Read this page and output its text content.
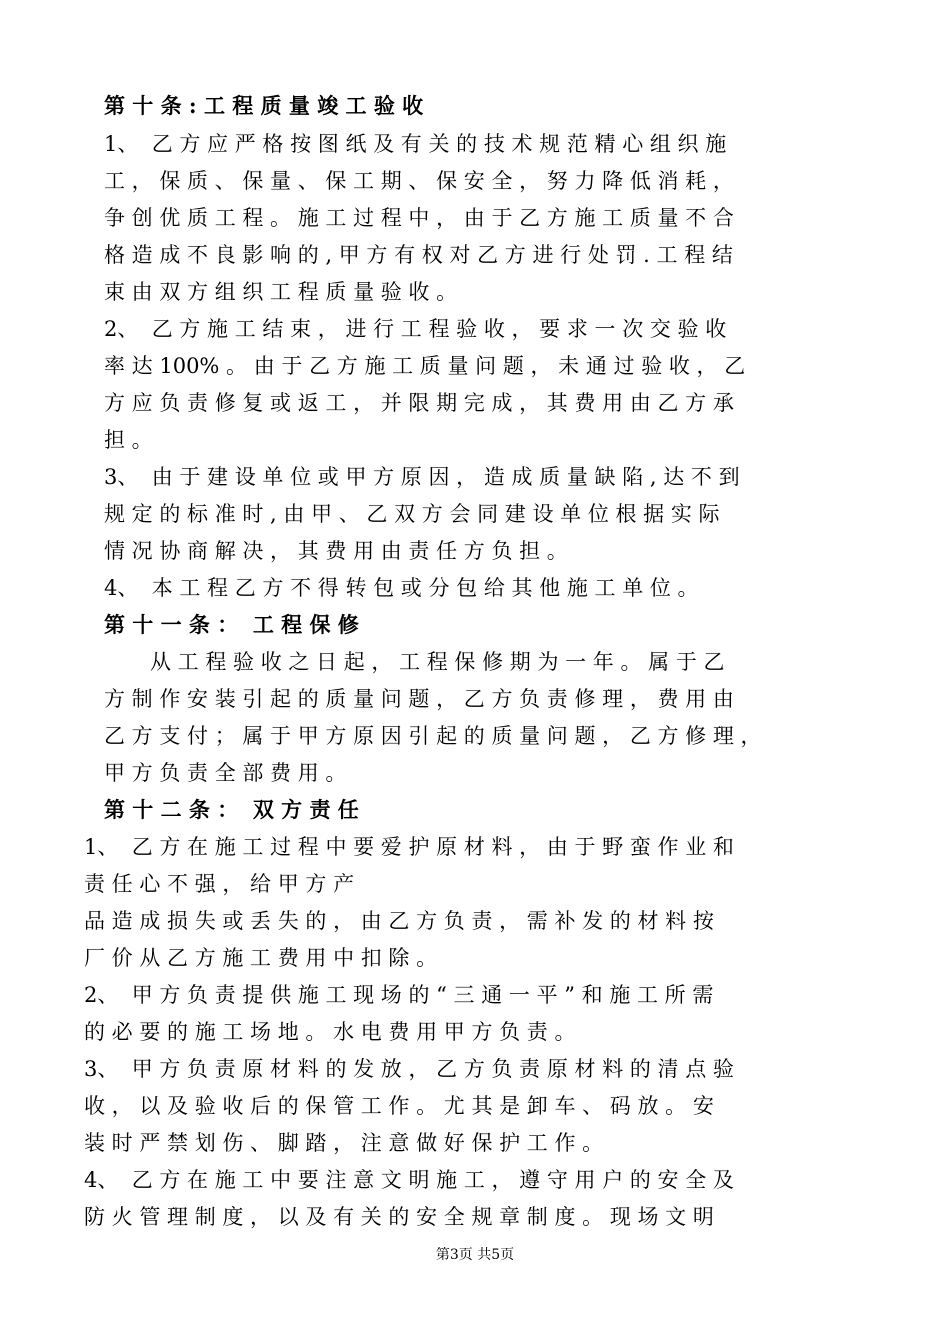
第 十 条 : 工 程 质 量 竣 工 验 收
1、  乙 方 应 严 格 按 图 纸 及 有 关 的 技 术 规 范 精 心 组 织 施
工 ， 保 质 、 保 量 、 保 工 期 、 保 安 全 ， 努 力 降 低 消 耗 ，
争 创 优 质 工 程 。 施 工 过 程 中 ， 由 于 乙 方 施 工 质 量 不 合
格 造 成 不 良 影 响 的 , 甲 方 有 权 对 乙 方 进 行 处 罚 . 工 程 结
束 由 双 方 组 织 工 程 质 量 验 收 。
2、  乙 方 施 工 结 束 ， 进 行 工 程 验 收 ， 要 求 一 次 交 验 收
率 达 100% 。 由 于 乙 方 施 工 质 量 问 题 ， 未 通 过 验 收 ， 乙
方 应 负 责 修 复 或 返 工 ， 并 限 期 完 成 ， 其 费 用 由 乙 方 承
担 。
3、  由 于 建 设 单 位 或 甲 方 原 因 ， 造 成 质 量 缺 陷 , 达 不 到
规 定 的 标 准 时 , 由 甲 、 乙 双 方 会 同 建 设 单 位 根 据 实 际
情 况 协 商 解 决 ， 其 费 用 由 责 任 方 负 担 。
4、  本 工 程 乙 方 不 得 转 包 或 分 包 给 其 他 施 工 单 位 。
第 十 一 条 ：  工 程 保 修
从 工 程 验 收 之 日 起 ， 工 程 保 修 期 为 一 年 。 属 于 乙
方 制 作 安 装 引 起 的 质 量 问 题 ， 乙 方 负 责 修 理 ， 费 用 由
乙 方 支 付 ； 属 于 甲 方 原 因 引 起 的 质 量 问 题 ， 乙 方 修 理 ，
甲 方 负 责 全 部 费 用 。
第 十 二 条 ：  双 方 责 任
1、  乙 方 在 施 工 过 程 中 要 爱 护 原 材 料 ， 由 于 野 蛮 作 业 和
责 任 心 不 强 ， 给 甲 方 产
品 造 成 损 失 或 丢 失 的 ， 由 乙 方 负 责 ， 需 补 发 的 材 料 按
厂 价 从 乙 方 施 工 费 用 中 扣 除 。
2、  甲 方 负 责 提 供 施 工 现 场 的 “ 三 通 一 平 ” 和 施 工 所 需
的 必 要 的 施 工 场 地 。 水 电 费 用 甲 方 负 责 。
3、  甲 方 负 责 原 材 料 的 发 放 ， 乙 方 负 责 原 材 料 的 清 点 验
收 ， 以 及 验 收 后 的 保 管 工 作 。 尤 其 是 卸 车 、 码 放 。 安
装 时 严 禁 划 伤 、 脚 踏 ， 注 意 做 好 保 护 工 作 。
4、  乙 方 在 施 工 中 要 注 意 文 明 施 工 ， 遵 守 用 户 的 安 全 及
防 火 管 理 制 度 ， 以 及 有 关 的 安 全 规 章 制 度 。 现 场 文 明
第3页 共5页
